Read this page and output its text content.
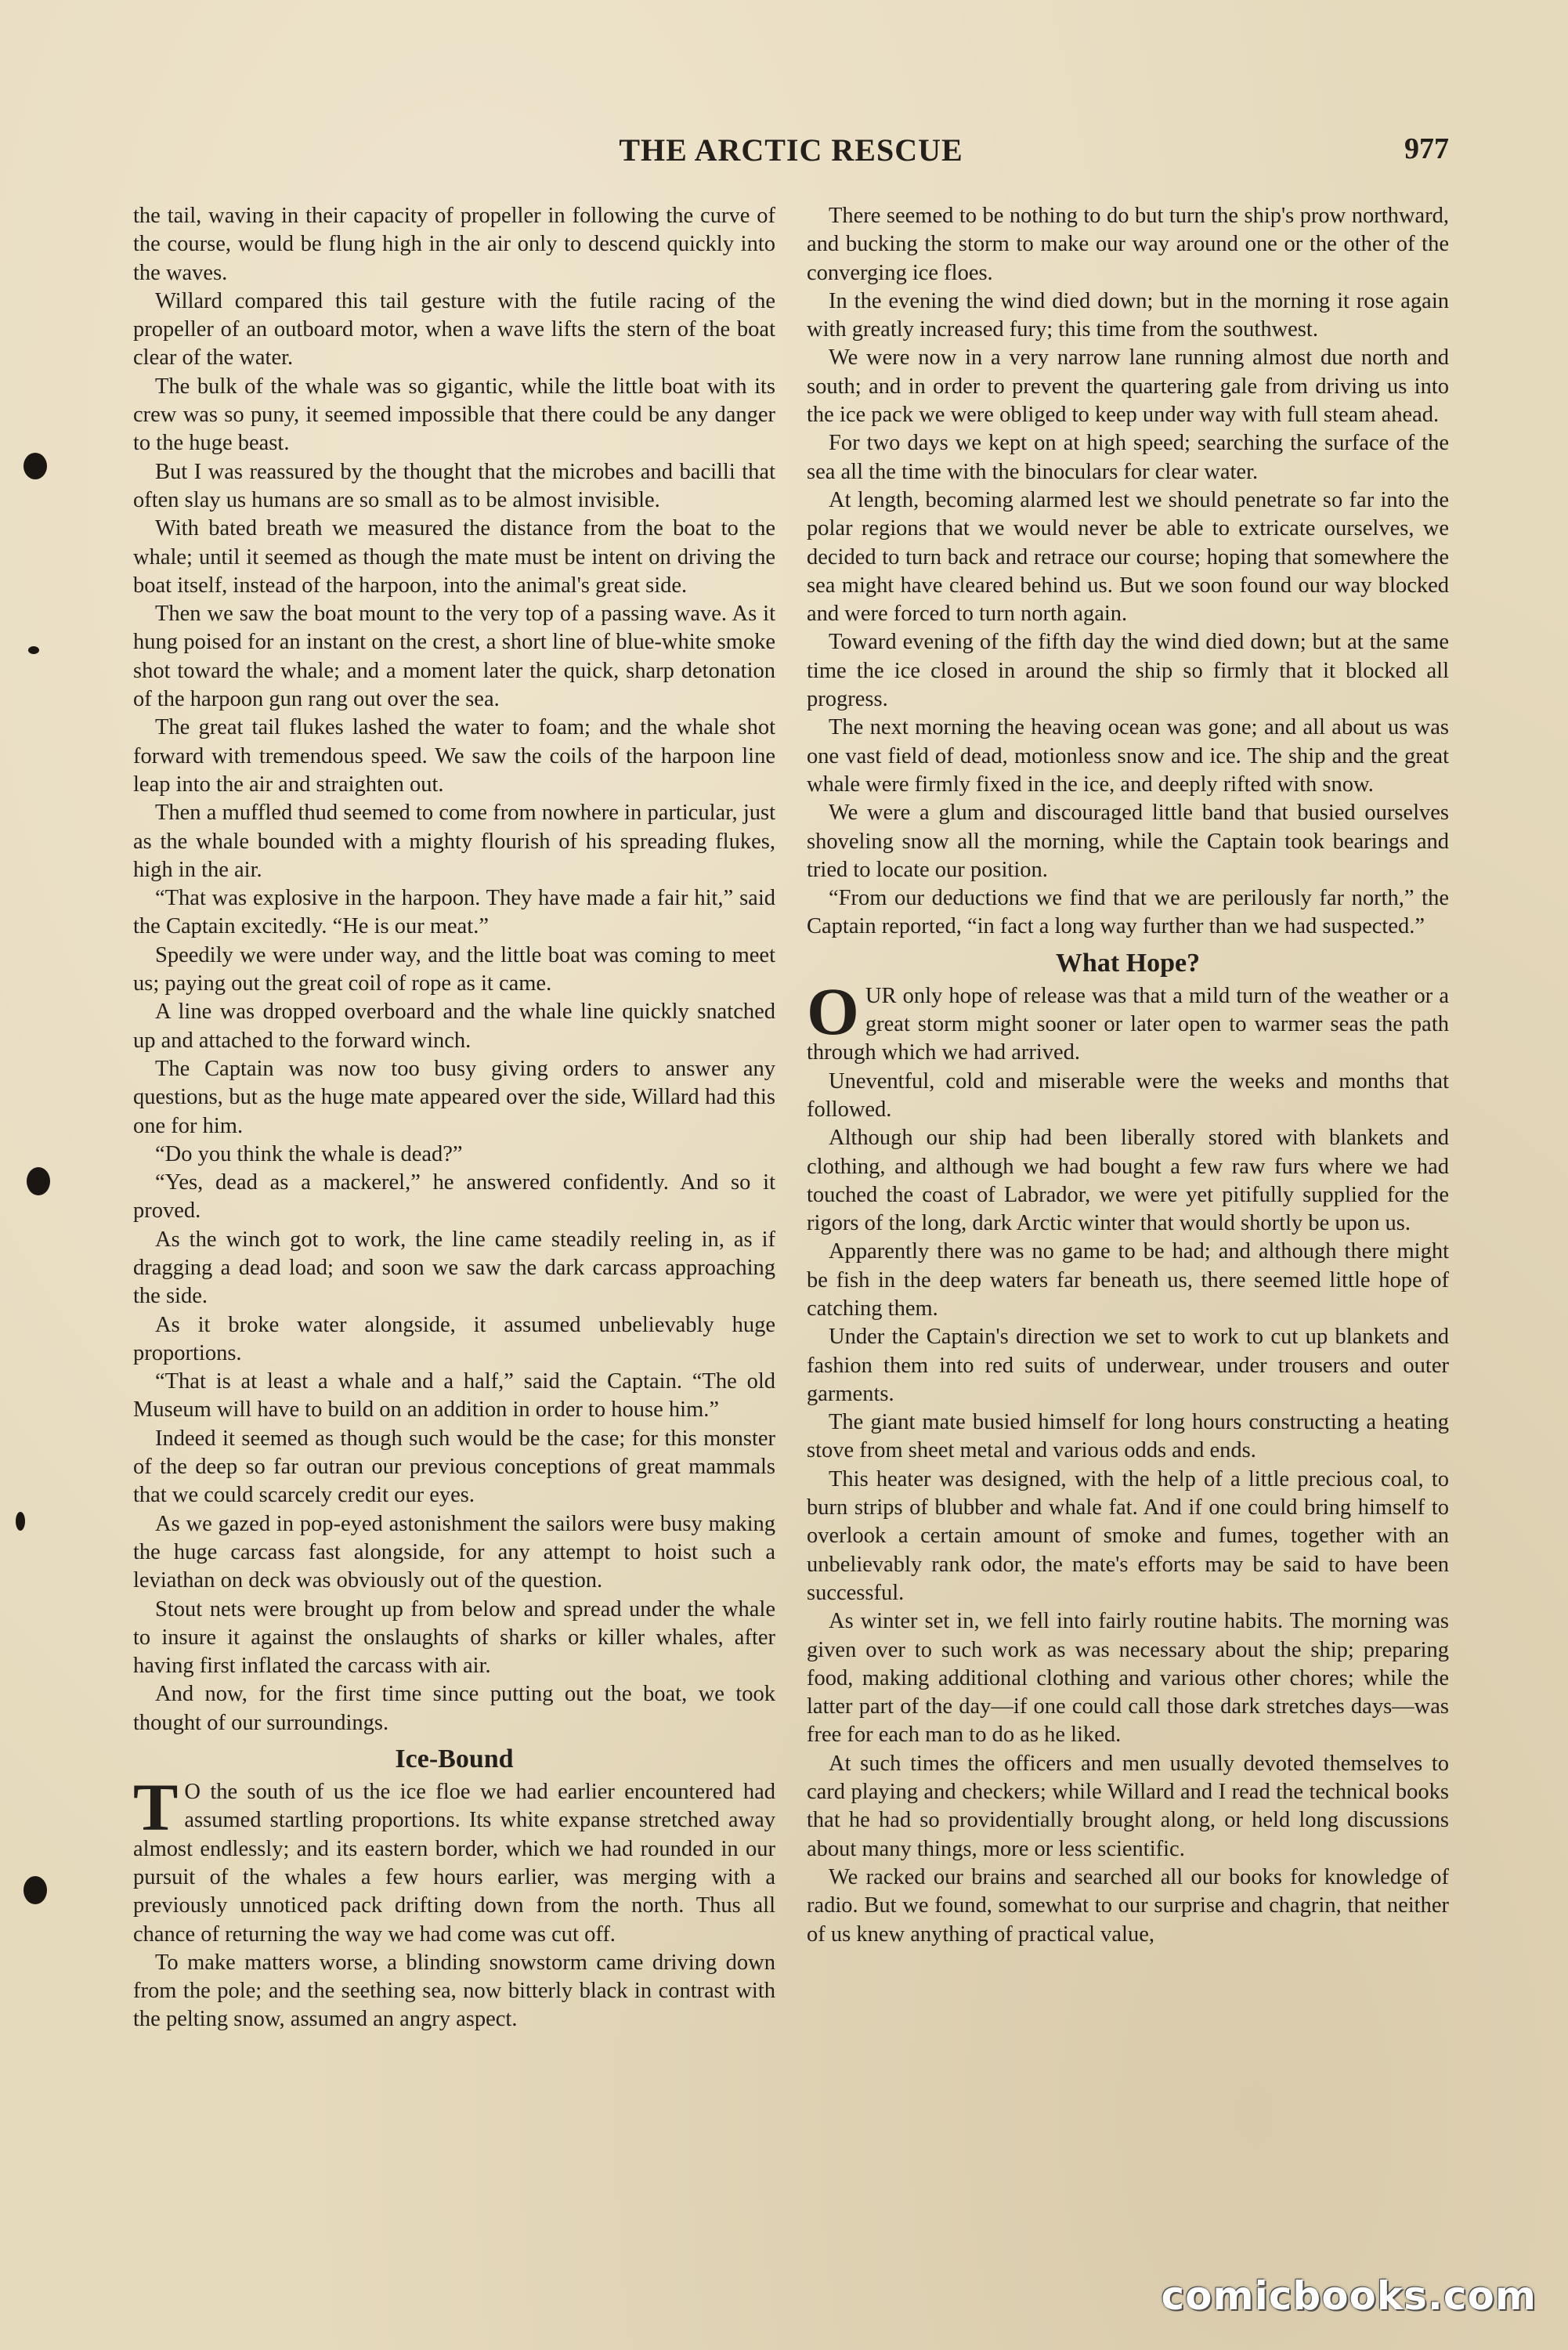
THE ARCTIC RESCUE	977

the tail, waving in their capacity of propeller in following the curve of the course, would be flung high in the air only to descend quickly into the waves.

Willard compared this tail gesture with the futile racing of the propeller of an outboard motor, when a wave lifts the stern of the boat clear of the water.

The bulk of the whale was so gigantic, while the little boat with its crew was so puny, it seemed impossible that there could be any danger to the huge beast.

But I was reassured by the thought that the microbes and bacilli that often slay us humans are so small as to be almost invisible.

With bated breath we measured the distance from the boat to the whale; until it seemed as though the mate must be intent on driving the boat itself, instead of the harpoon, into the animal's great side.

Then we saw the boat mount to the very top of a passing wave. As it hung poised for an instant on the crest, a short line of blue-white smoke shot toward the whale; and a moment later the quick, sharp detonation of the harpoon gun rang out over the sea.

The great tail flukes lashed the water to foam; and the whale shot forward with tremendous speed. We saw the coils of the harpoon line leap into the air and straighten out.

Then a muffled thud seemed to come from nowhere in particular, just as the whale bounded with a mighty flourish of his spreading flukes, high in the air.

“That was explosive in the harpoon. They have made a fair hit,” said the Captain excitedly. “He is our meat.”

Speedily we were under way, and the little boat was coming to meet us; paying out the great coil of rope as it came.

A line was dropped overboard and the whale line quickly snatched up and attached to the forward winch.

The Captain was now too busy giving orders to answer any questions, but as the huge mate appeared over the side, Willard had this one for him.

“Do you think the whale is dead?”

“Yes, dead as a mackerel,” he answered confidently. And so it proved.

As the winch got to work, the line came steadily reeling in, as if dragging a dead load; and soon we saw the dark carcass approaching the side.

As it broke water alongside, it assumed unbelievably huge proportions.

“That is at least a whale and a half,” said the Captain. “The old Museum will have to build on an addition in order to house him.”

Indeed it seemed as though such would be the case; for this monster of the deep so far outran our previous conceptions of great mammals that we could scarcely credit our eyes.

As we gazed in pop-eyed astonishment the sailors were busy making the huge carcass fast alongside, for any attempt to hoist such a leviathan on deck was obviously out of the question.

Stout nets were brought up from below and spread under the whale to insure it against the onslaughts of sharks or killer whales, after having first inflated the carcass with air.

And now, for the first time since putting out the boat, we took thought of our surroundings.

Ice-Bound

T O the south of us the ice floe we had earlier encountered had assumed startling proportions. Its white expanse stretched away almost endlessly; and its eastern border, which we had rounded in our pursuit of the whales a few hours earlier, was merging with a previously unnoticed pack drifting down from the north. Thus all chance of returning the way we had come was cut off.

To make matters worse, a blinding snowstorm came driving down from the pole; and the seething sea, now bitterly black in contrast with the pelting snow, assumed an angry aspect.

There seemed to be nothing to do but turn the ship's prow northward, and bucking the storm to make our way around one or the other of the converging ice floes.

In the evening the wind died down; but in the morning it rose again with greatly increased fury; this time from the southwest.

We were now in a very narrow lane running almost due north and south; and in order to prevent the quartering gale from driving us into the ice pack we were obliged to keep under way with full steam ahead.

For two days we kept on at high speed; searching the surface of the sea all the time with the binoculars for clear water.

At length, becoming alarmed lest we should penetrate so far into the polar regions that we would never be able to extricate ourselves, we decided to turn back and retrace our course; hoping that somewhere the sea might have cleared behind us. But we soon found our way blocked and were forced to turn north again.

Toward evening of the fifth day the wind died down; but at the same time the ice closed in around the ship so firmly that it blocked all progress.

The next morning the heaving ocean was gone; and all about us was one vast field of dead, motionless snow and ice. The ship and the great whale were firmly fixed in the ice, and deeply rifted with snow.

We were a glum and discouraged little band that busied ourselves shoveling snow all the morning, while the Captain took bearings and tried to locate our position.

“From our deductions we find that we are perilously far north,” the Captain reported, “in fact a long way further than we had suspected.”

What Hope?

OUR only hope of release was that a mild turn of the weather or a great storm might sooner or later open to warmer seas the path through which we had arrived.

Uneventful, cold and miserable were the weeks and months that followed.

Although our ship had been liberally stored with blankets and clothing, and although we had bought a few raw furs where we had touched the coast of Labrador, we were yet pitifully supplied for the rigors of the long, dark Arctic winter that would shortly be upon us.

Apparently there was no game to be had; and although there might be fish in the deep waters far beneath us, there seemed little hope of catching them.

Under the Captain's direction we set to work to cut up blankets and fashion them into red suits of underwear, under trousers and outer garments.

The giant mate busied himself for long hours constructing a heating stove from sheet metal and various odds and ends.

This heater was designed, with the help of a little precious coal, to burn strips of blubber and whale fat. And if one could bring himself to overlook a certain amount of smoke and fumes, together with an unbelievably rank odor, the mate's efforts may be said to have been successful.

As winter set in, we fell into fairly routine habits. The morning was given over to such work as was necessary about the ship; preparing food, making additional clothing and various other chores; while the latter part of the day—if one could call those dark stretches days—was free for each man to do as he liked.

At such times the officers and men usually devoted themselves to card playing and checkers; while Willard and I read the technical books that he had so providentially brought along, or held long discussions about many things, more or less scientific.

We racked our brains and searched all our books for knowledge of radio. But we found, somewhat to our surprise and chagrin, that neither of us knew anything of practical value,

comicbooks.com
